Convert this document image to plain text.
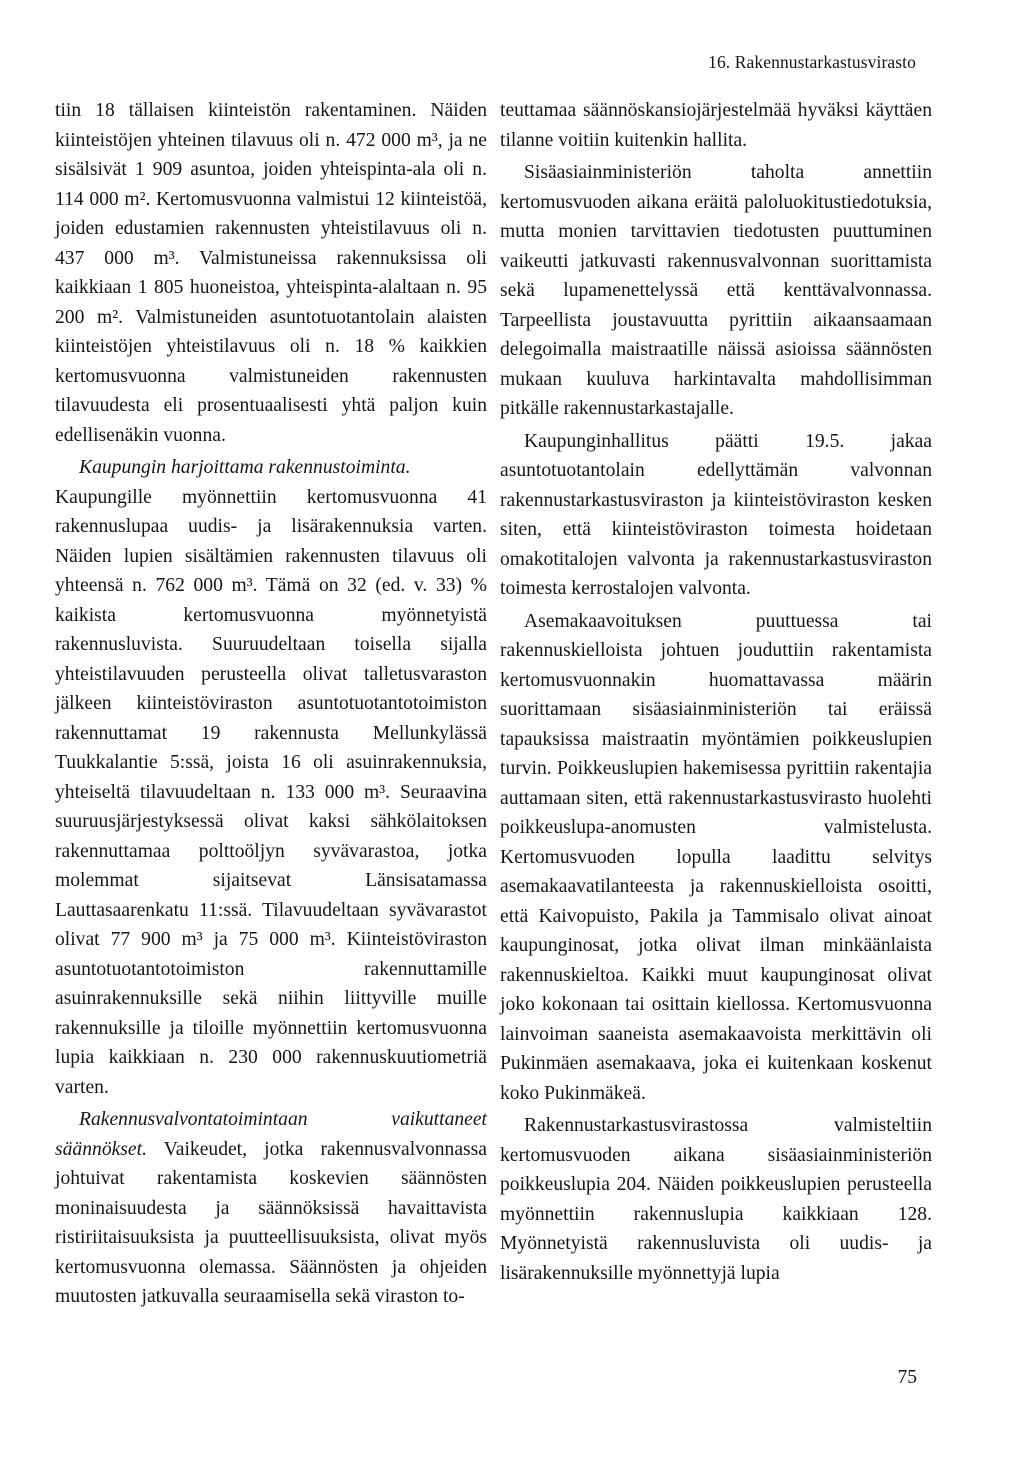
16. Rakennustarkastusvirasto

tiin 18 tällaisen kiinteistön rakentaminen. Näiden kiinteistöjen yhteinen tilavuus oli n. 472 000 m³, ja ne sisälsivät 1 909 asuntoa, joiden yhteispinta-ala oli n. 114 000 m². Kertomusvuonna valmistui 12 kiinteistöä, joiden edustamien rakennusten yhteistilavuus oli n. 437 000 m³. Valmistuneissa rakennuksissa oli kaikkiaan 1 805 huoneistoa, yhteispinta-alaltaan n. 95 200 m². Valmistuneiden asuntotuotantolain alaisten kiinteistöjen yhteistilavuus oli n. 18 % kaikkien kertomusvuonna valmistuneiden rakennusten tilavuudesta eli prosentuaalisesti yhtä paljon kuin edellisenäkin vuonna.

Kaupungin harjoittama rakennustoiminta.

Kaupungille myönnettiin kertomusvuonna 41 rakennuslupaa uudis- ja lisärakennuksia varten. Näiden lupien sisältämien rakennusten tilavuus oli yhteensä n. 762 000 m³. Tämä on 32 (ed. v. 33) % kaikista kertomusvuonna myönnetyistä rakennusluvista. Suuruudeltaan toisella sijalla yhteistilavuuden perusteella olivat talletusvaraston jälkeen kiinteistöviraston asuntotuotantotoimiston rakennuttamat 19 rakennusta Mellunkylässä Tuukkalantie 5:ssä, joista 16 oli asuinrakennuksia, yhteiseltä tilavuudeltaan n. 133 000 m³. Seuraavina suuruusjärjestyksessä olivat kaksi sähkölaitoksen rakennuttamaa polttoöljyn syvävarastoa, jotka molemmat sijaitsevat Länsisatamassa Lauttasaarenkatu 11:ssä. Tilavuudeltaan syvävarastot olivat 77 900 m³ ja 75 000 m³. Kiinteistöviraston asuntotuotantotoimiston rakennuttamille asuinrakennuksille sekä niihin liittyville muille rakennuksille ja tiloille myönnettiin kertomusvuonna lupia kaikkiaan n. 230 000 rakennuskuutiometriä varten.

Rakennusvalvontatoimintaan vaikuttaneet säännökset. Vaikeudet, jotka rakennusvalvonnassa johtuivat rakentamista koskevien säännösten moninaisuudesta ja säännöksissä havaittavista ristiriitaisuuksista ja puutteellisuuksista, olivat myös kertomusvuonna olemassa. Säännösten ja ohjeiden muutosten jatkuvalla seuraamisella sekä viraston to-

teuttamaa säännöskansiojärjestelmää hyväksi käyttäen tilanne voitiin kuitenkin hallita.

Sisäasiainministeriön taholta annettiin kertomusvuoden aikana eräitä paloluokitustiedotuksia, mutta monien tarvittavien tiedotusten puuttuminen vaikeutti jatkuvasti rakennusvalvonnan suorittamista sekä lupamenettelyssä että kenttävalvonnassa. Tarpeellista joustavuutta pyrittiin aikaansaamaan delegoimalla maistraatille näissä asioissa säännösten mukaan kuuluva harkintavalta mahdollisimman pitkälle rakennustarkastajalle.

Kaupunginhallitus päätti 19.5. jakaa asuntotuotantolain edellyttämän valvonnan rakennustarkastusviraston ja kiinteistöviraston kesken siten, että kiinteistöviraston toimesta hoidetaan omakotitalojen valvonta ja rakennustarkastusviraston toimesta kerrostalojen valvonta.

Asemakaavoituksen puuttuessa tai rakennuskielloista johtuen jouduttiin rakentamista kertomusvuonnakin huomattavassa määrin suorittamaan sisäasiainministeriön tai eräissä tapauksissa maistraatin myöntämien poikkeuslupien turvin. Poikkeuslupien hakemisessa pyrittiin rakentajia auttamaan siten, että rakennustarkastusvirasto huolehti poikkeuslupa-anomusten valmistelusta. Kertomusvuoden lopulla laadittu selvitys asemakaavatilanteesta ja rakennuskielloista osoitti, että Kaivopuisto, Pakila ja Tammisalo olivat ainoat kaupunginosat, jotka olivat ilman minkäänlaista rakennuskieltoa. Kaikki muut kaupunginosat olivat joko kokonaan tai osittain kiellossa. Kertomusvuonna lainvoiman saaneista asemakaavoista merkittävin oli Pukinmäen asemakaava, joka ei kuitenkaan koskenut koko Pukinmäkeä.

Rakennustarkastusvirastossa valmisteltiin kertomusvuoden aikana sisäasiainministeriön poikkeuslupia 204. Näiden poikkeuslupien perusteella myönnettiin rakennuslupia kaikkiaan 128. Myönnetyistä rakennusluvista oli uudis- ja lisärakennuksille myönnettyjä lupia

75
